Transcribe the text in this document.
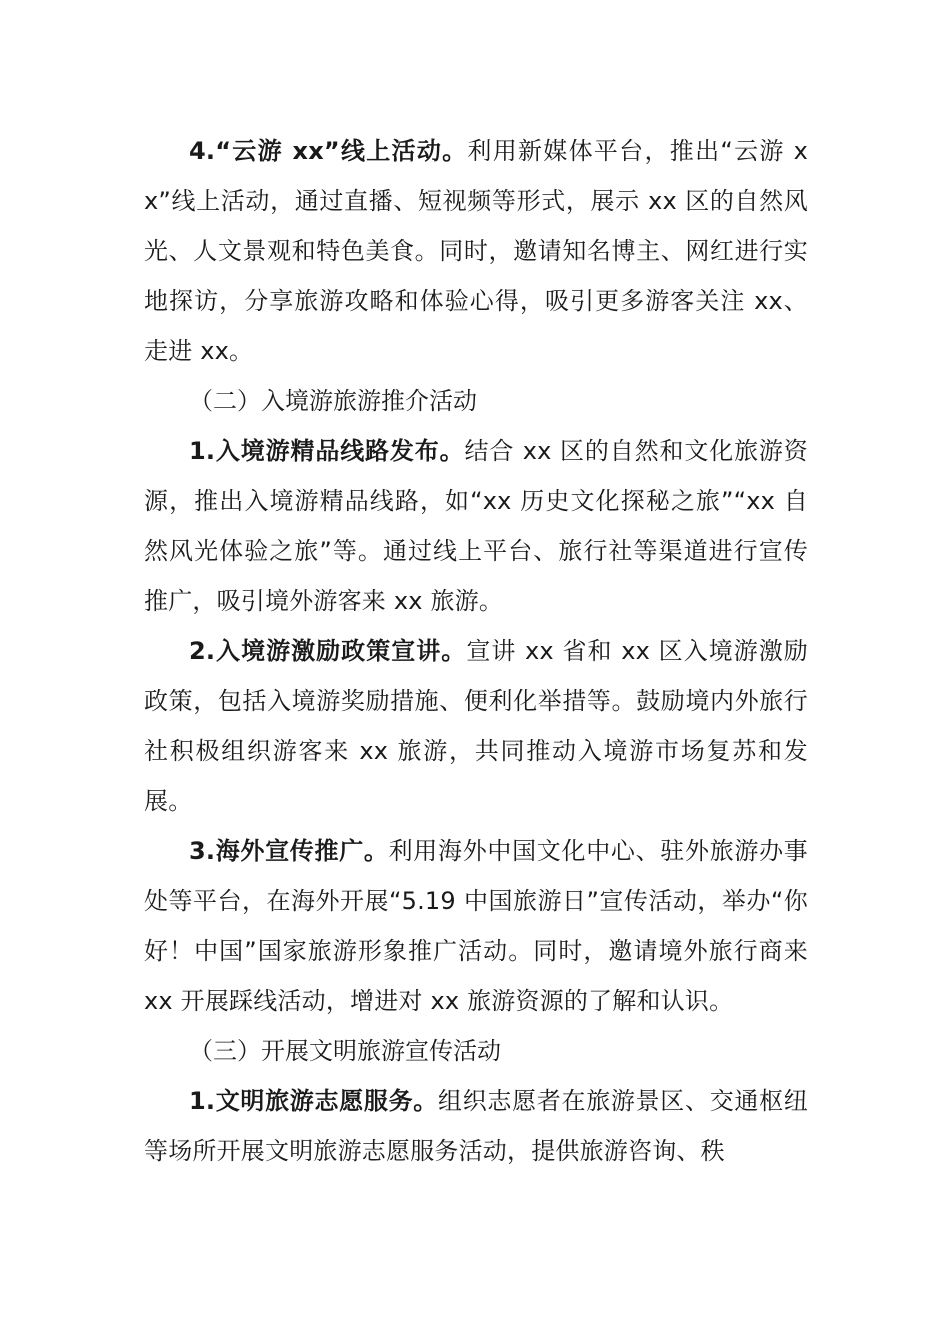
4.“云游 xx”线上活动。利用新媒体平台，推出“云游 xx”线上活动，通过直播、短视频等形式，展示 xx 区的自然风光、人文景观和特色美食。同时，邀请知名博主、网红进行实地探访，分享旅游攻略和体验心得，吸引更多游客关注 xx、走进 xx。

（二）入境游旅游推介活动

1.入境游精品线路发布。结合 xx 区的自然和文化旅游资源，推出入境游精品线路，如“xx 历史文化探秘之旅”“xx 自然风光体验之旅”等。通过线上平台、旅行社等渠道进行宣传推广，吸引境外游客来 xx 旅游。

2.入境游激励政策宣讲。宣讲 xx 省和 xx 区入境游激励政策，包括入境游奖励措施、便利化举措等。鼓励境内外旅行社积极组织游客来 xx 旅游，共同推动入境游市场复苏和发展。

3.海外宣传推广。利用海外中国文化中心、驻外旅游办事处等平台，在海外开展“5.19 中国旅游日”宣传活动，举办“你好！中国”国家旅游形象推广活动。同时，邀请境外旅行商来 xx 开展踩线活动，增进对 xx 旅游资源的了解和认识。

（三）开展文明旅游宣传活动

1.文明旅游志愿服务。组织志愿者在旅游景区、交通枢纽等场所开展文明旅游志愿服务活动，提供旅游咨询、秩
